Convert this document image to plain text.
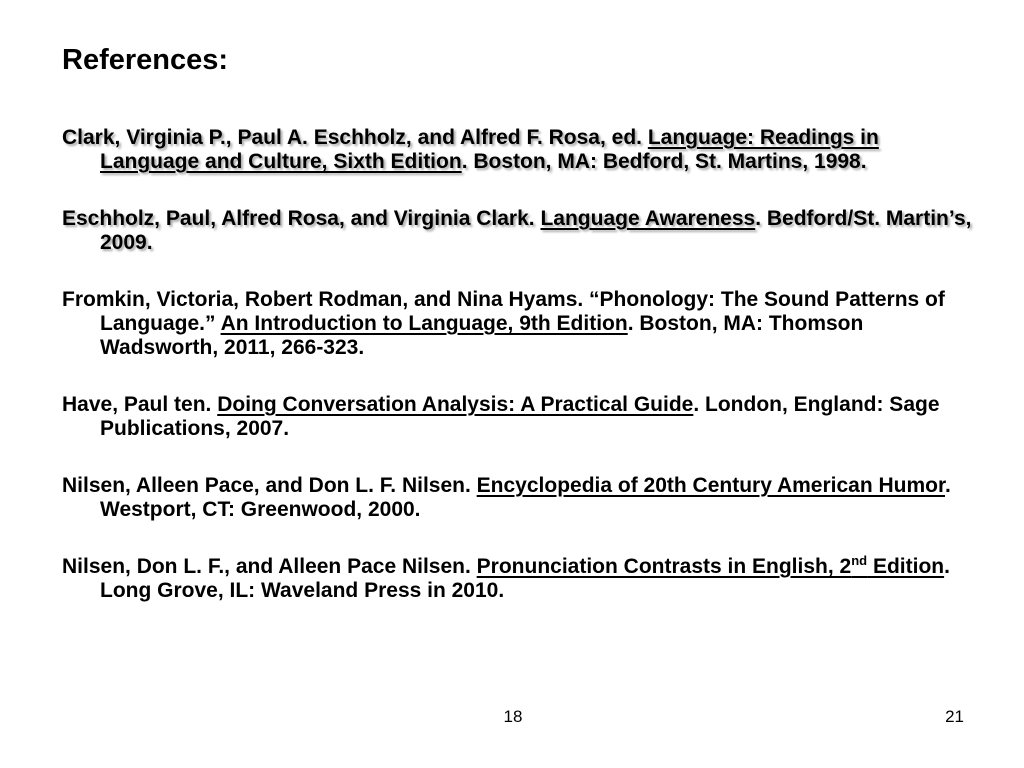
References:

Clark, Virginia P., Paul A. Eschholz, and Alfred F. Rosa, ed. Language: Readings in Language and Culture, Sixth Edition. Boston, MA: Bedford, St. Martins, 1998.

Eschholz, Paul, Alfred Rosa, and Virginia Clark. Language Awareness. Bedford/St. Martin’s, 2009.

Fromkin, Victoria, Robert Rodman, and Nina Hyams. “Phonology: The Sound Patterns of Language.” An Introduction to Language, 9th Edition. Boston, MA: Thomson Wadsworth, 2011, 266-323.

Have, Paul ten. Doing Conversation Analysis: A Practical Guide. London, England: Sage Publications, 2007.

Nilsen, Alleen Pace, and Don L. F. Nilsen. Encyclopedia of 20th Century American Humor. Westport, CT: Greenwood, 2000.

Nilsen, Don L. F., and Alleen Pace Nilsen. Pronunciation Contrasts in English, 2nd Edition. Long Grove, IL: Waveland Press in 2010.

18	21
